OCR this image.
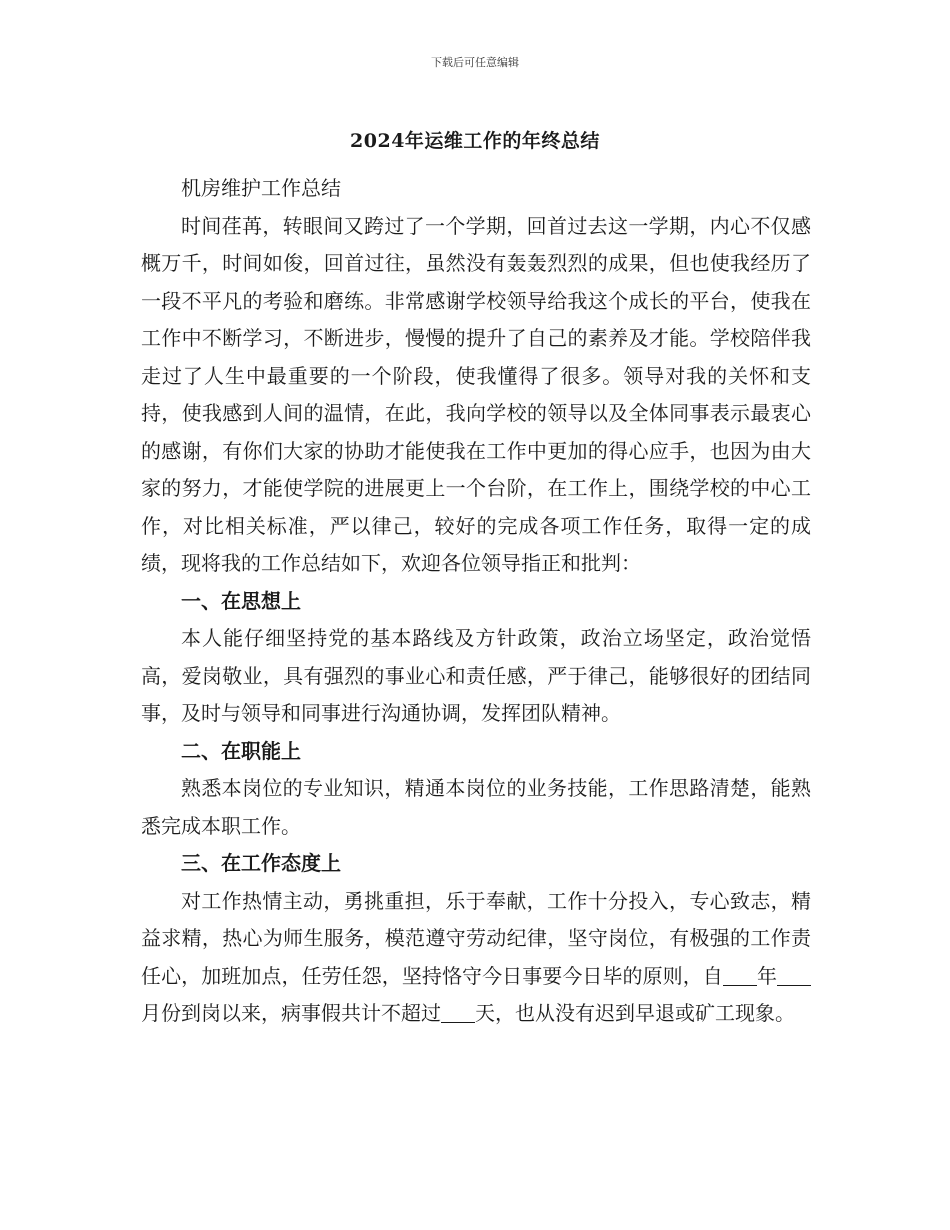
下载后可任意编辑
2024年运维工作的年终总结

机房维护工作总结

时间荏苒，转眼间又跨过了一个学期，回首过去这一学期，内心不仅感概万千，时间如俊，回首过往，虽然没有轰轰烈烈的成果，但也使我经历了一段不平凡的考验和磨练。非常感谢学校领导给我这个成长的平台，使我在工作中不断学习，不断进步，慢慢的提升了自己的素养及才能。学校陪伴我走过了人生中最重要的一个阶段，使我懂得了很多。领导对我的关怀和支持，使我感到人间的温情，在此，我向学校的领导以及全体同事表示最衷心的感谢，有你们大家的协助才能使我在工作中更加的得心应手，也因为由大家的努力，才能使学院的进展更上一个台阶，在工作上，围绕学校的中心工作，对比相关标准，严以律己，较好的完成各项工作任务，取得一定的成绩，现将我的工作总结如下，欢迎各位领导指正和批判：

一、在思想上

本人能仔细坚持党的基本路线及方针政策，政治立场坚定，政治觉悟高，爱岗敬业，具有强烈的事业心和责任感，严于律己，能够很好的团结同事，及时与领导和同事进行沟通协调，发挥团队精神。

二、在职能上

熟悉本岗位的专业知识，精通本岗位的业务技能，工作思路清楚，能熟悉完成本职工作。

三、在工作态度上

对工作热情主动，勇挑重担，乐于奉献，工作十分投入，专心致志，精益求精，热心为师生服务，模范遵守劳动纪律，坚守岗位，有极强的工作责任心，加班加点，任劳任怨，坚持恪守今日事要今日毕的原则，自 年月份到岗以来，病事假共计不超过 天，也从没有迟到早退或矿工现象。
